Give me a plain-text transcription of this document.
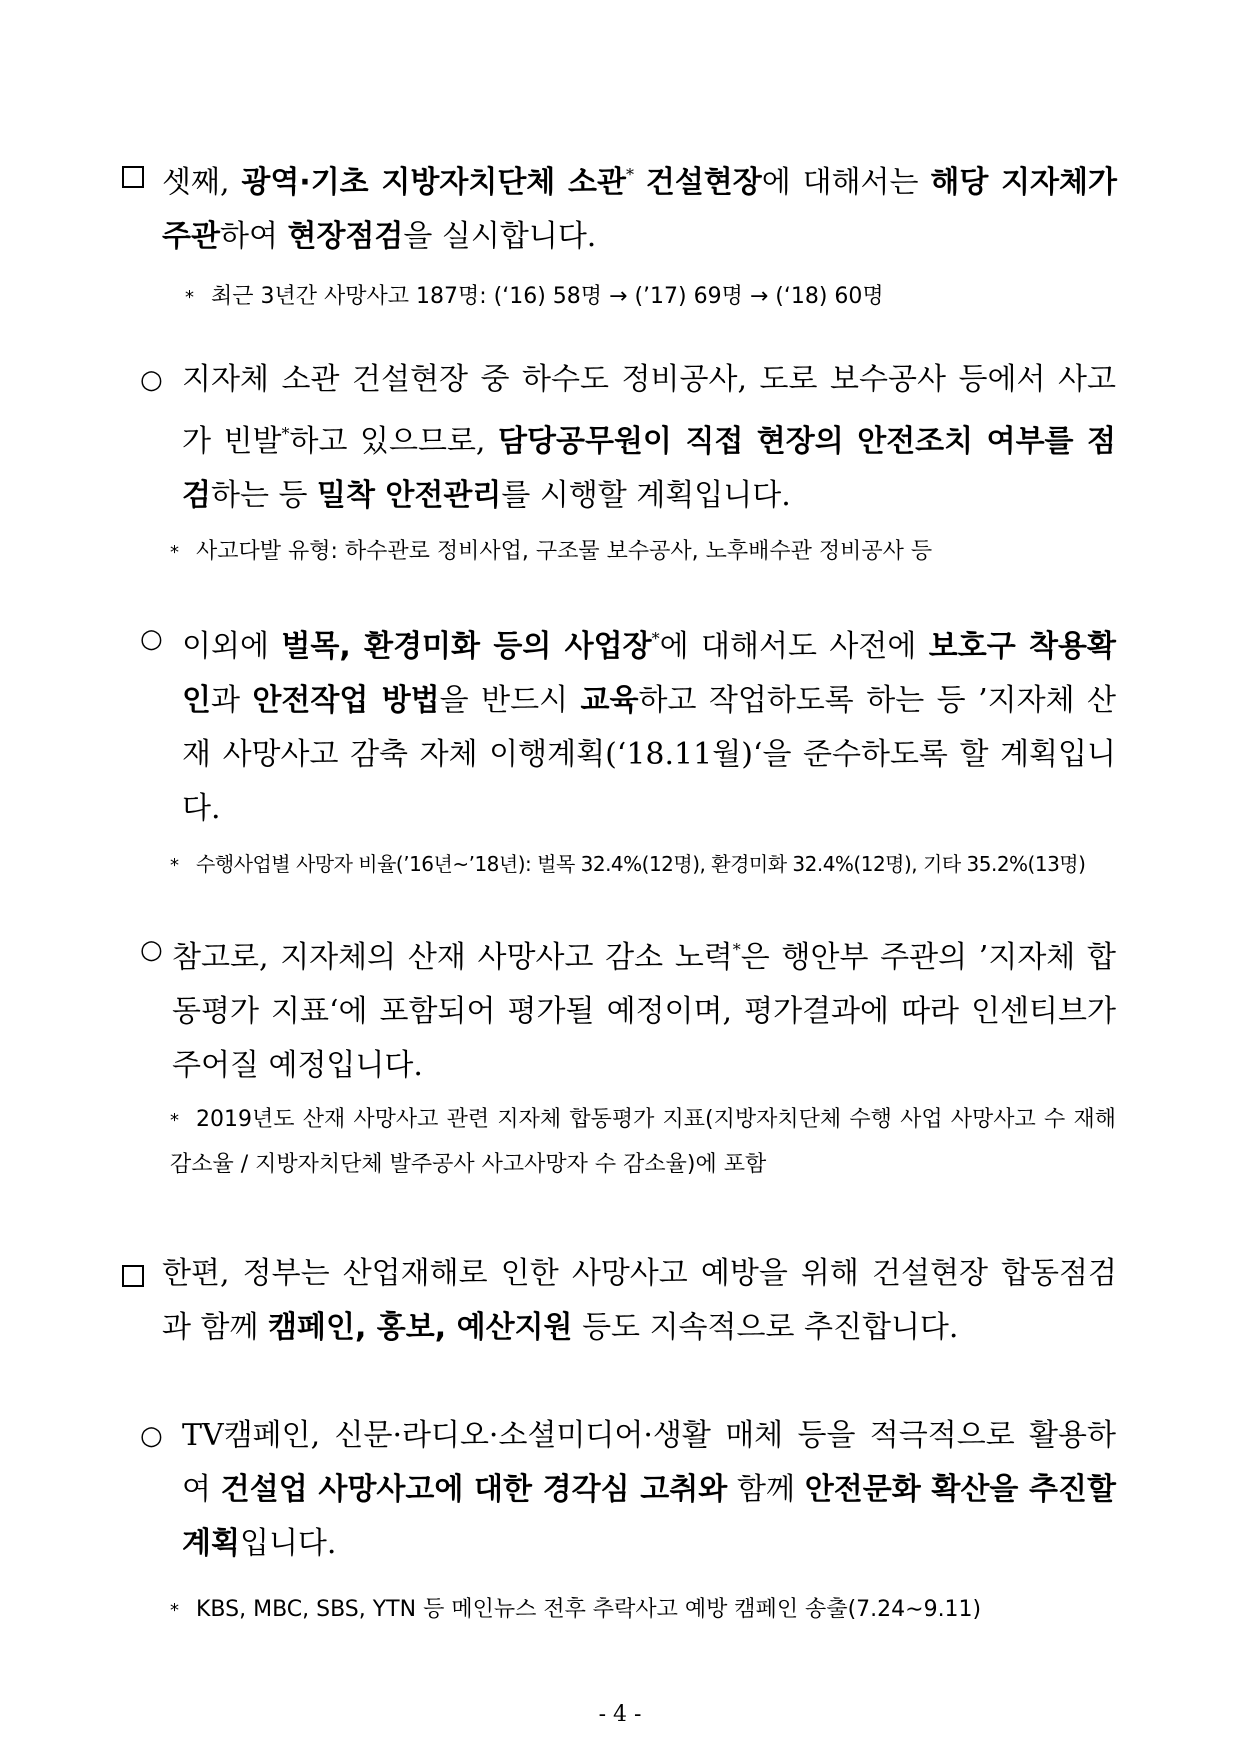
셋째, 광역·기초 지방자치단체 소관* 건설현장에 대해서는 해당 지자체가 주관하여 현장점검을 실시합니다.
* 최근 3년간 사망사고 187명: (‘16) 58명 → (’17) 69명 → (‘18) 60명
○ 지자체 소관 건설현장 중 하수도 정비공사, 도로 보수공사 등에서 사고가 빈발*하고 있으므로, 담당공무원이 직접 현장의 안전조치 여부를 점검하는 등 밀착 안전관리를 시행할 계획입니다.
* 사고다발 유형: 하수관로 정비사업, 구조물 보수공사, 노후배수관 정비공사 등
○ 이외에 벌목, 환경미화 등의 사업장*에 대해서도 사전에 보호구 착용확인과 안전작업 방법을 반드시 교육하고 작업하도록 하는 등 ’지자체 산재 사망사고 감축 자체 이행계획(‘18.11월)‘을 준수하도록 할 계획입니다.
* 수행사업별 사망자 비율(’16년~’18년): 벌목 32.4%(12명), 환경미화 32.4%(12명), 기타 35.2%(13명)
○ 참고로, 지자체의 산재 사망사고 감소 노력*은 행안부 주관의 ’지자체 합동평가 지표‘에 포함되어 평가될 예정이며, 평가결과에 따라 인센티브가 주어질 예정입니다.
* 2019년도 산재 사망사고 관련 지자체 합동평가 지표(지방자치단체 수행 사업 사망사고 수 재해 감소율 / 지방자치단체 발주공사 사고사망자 수 감소율)에 포함
한편, 정부는 산업재해로 인한 사망사고 예방을 위해 건설현장 합동점검과 함께 캠페인, 홍보, 예산지원 등도 지속적으로 추진합니다.
○ TV캠페인, 신문·라디오·소셜미디어·생활 매체 등을 적극적으로 활용하여 건설업 사망사고에 대한 경각심 고취와 함께 안전문화 확산을 추진할 계획입니다.
* KBS, MBC, SBS, YTN 등 메인뉴스 전후 추락사고 예방 캠페인 송출(7.24∼9.11)
- 4 -
